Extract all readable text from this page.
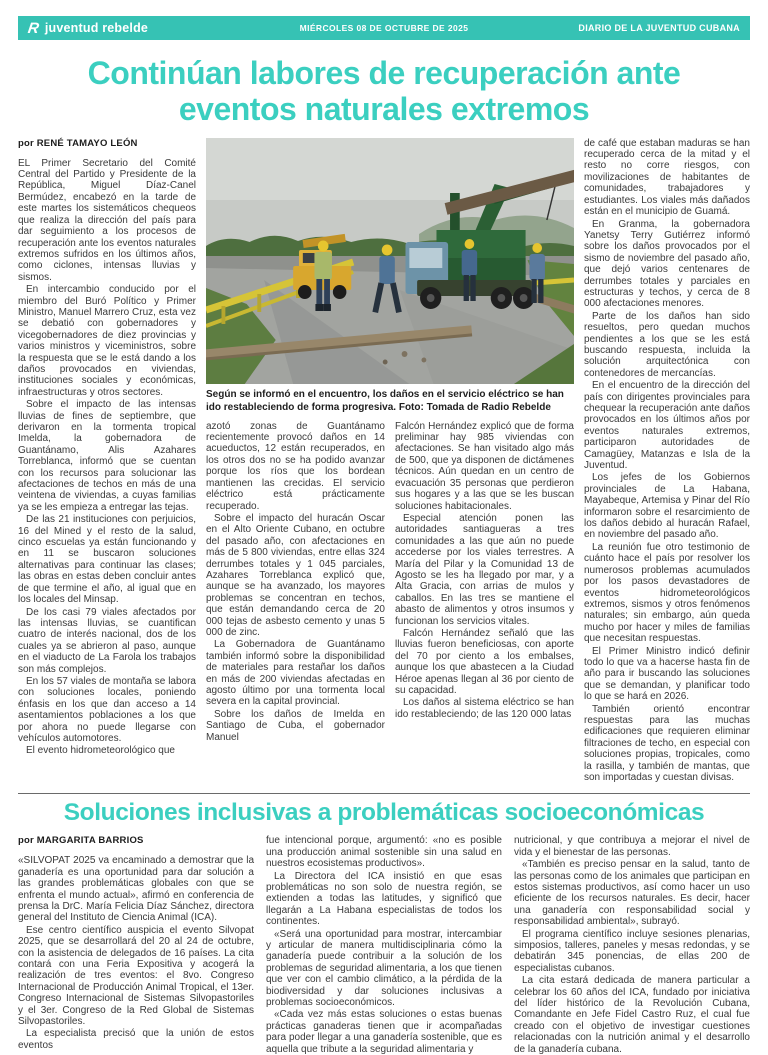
R juventud rebelde	MIÉRCOLES 08 DE OCTUBRE DE 2025	DIARIO DE LA JUVENTUD CUBANA
Continúan labores de recuperación ante eventos naturales extremos
por RENÉ TAMAYO LEÓN

EL Primer Secretario del Comité Central del Partido y Presidente de la República, Miguel Díaz-Canel Bermúdez, encabezó en la tarde de este martes los sistemáticos chequeos que realiza la dirección del país para dar seguimiento a los procesos de recuperación ante los eventos naturales extremos sufridos en los últimos años, como ciclones, intensas lluvias y sismos.

En intercambio conducido por el miembro del Buró Político y Primer Ministro, Manuel Marrero Cruz, esta vez se debatió con gobernadores y vicegobernadores de diez provincias y varios ministros y viceministros, sobre la respuesta que se le está dando a los daños provocados en viviendas, instituciones sociales y económicas, infraestructuras y otros sectores.

Sobre el impacto de las intensas lluvias de fines de septiembre, que derivaron en la tormenta tropical Imelda, la gobernadora de Guantánamo, Alis Azahares Torreblanca, informó que se cuentan con los recursos para solucionar las afectaciones de techos en más de una veintena de viviendas, a cuyas familias ya se les empieza a entregar las tejas.

De las 21 instituciones con perjuicios, 16 del Mined y el resto de la salud, cinco escuelas ya están funcionando y en 11 se buscaron soluciones alternativas para continuar las clases; las obras en estas deben concluir antes de que termine el año, al igual que en los locales del Minsap.

De los casi 79 viales afectados por las intensas lluvias, se cuantifican cuatro de interés nacional, dos de los cuales ya se abrieron al paso, aunque en el viaducto de La Farola los trabajos son más complejos.

En los 57 viales de montaña se labora con soluciones locales, poniendo énfasis en los que dan acceso a 14 asentamientos poblaciones a los que por ahora no puede llegarse con vehículos automotores.

El evento hidrometeorológico que

Según se informó en el encuentro, los daños en el servicio eléctrico se han ido restableciendo de forma progresiva. Foto: Tomada de Radio Rebelde

azotó zonas de Guantánamo recientemente provocó daños en 14 acueductos, 12 están recuperados, en los otros dos no se ha podido avanzar porque los ríos que los bordean mantienen las crecidas. El servicio eléctrico está prácticamente recuperado.

Sobre el impacto del huracán Oscar en el Alto Oriente Cubano, en octubre del pasado año, con afectaciones en más de 5 800 viviendas, entre ellas 324 derrumbes totales y 1 045 parciales, Azahares Torreblanca explicó que, aunque se ha avanzado, los mayores problemas se concentran en techos, que están demandando cerca de 20 000 tejas de asbesto cemento y unas 5 000 de zinc.

La Gobernadora de Guantánamo también informó sobre la disponibilidad de materiales para restañar los daños en más de 200 viviendas afectadas en agosto último por una tormenta local severa en la capital provincial.

Sobre los daños de Imelda en Santiago de Cuba, el gobernador Manuel

Falcón Hernández explicó que de forma preliminar hay 985 viviendas con afectaciones. Se han visitado algo más de 500, que ya disponen de dictámenes técnicos. Aún quedan en un centro de evacuación 35 personas que perdieron sus hogares y a las que se les buscan soluciones habitacionales.

Especial atención ponen las autoridades santiagueras a tres comunidades a las que aún no puede accederse por los viales terrestres. A María del Pilar y la Comunidad 13 de Agosto se les ha llegado por mar, y a Alta Gracia, con arrias de mulos y caballos. En las tres se mantiene el abasto de alimentos y otros insumos y funcionan los servicios vitales.

Falcón Hernández señaló que las lluvias fueron beneficiosas, con aporte del 70 por ciento a los embalses, aunque los que abastecen a la Ciudad Héroe apenas llegan al 36 por ciento de su capacidad.

Los daños al sistema eléctrico se han ido restableciendo; de las 120 000 latas

de café que estaban maduras se han recuperado cerca de la mitad y el resto no corre riesgos, con movilizaciones de habitantes de comunidades, trabajadores y estudiantes. Los viales más dañados están en el municipio de Guamá.

En Granma, la gobernadora Yanetsy Terry Gutiérrez informó sobre los daños provocados por el sismo de noviembre del pasado año, que dejó varios centenares de derrumbes totales y parciales en estructuras y techos, y cerca de 8 000 afectaciones menores.

Parte de los daños han sido resueltos, pero quedan muchos pendientes a los que se les está buscando respuesta, incluida la solución arquitectónica con contenedores de mercancías.

En el encuentro de la dirección del país con dirigentes provinciales para chequear la recuperación ante daños provocados en los últimos años por eventos naturales extremos, participaron autoridades de Camagüey, Matanzas e Isla de la Juventud.

Los jefes de los Gobiernos provinciales de La Habana, Mayabeque, Artemisa y Pinar del Río informaron sobre el resarcimiento de los daños debido al huracán Rafael, en noviembre del pasado año.

La reunión fue otro testimonio de cuánto hace el país por resolver los numerosos problemas acumulados por los pasos devastadores de eventos hidrometeorológicos extremos, sismos y otros fenómenos naturales; sin embargo, aún queda mucho por hacer y miles de familias que necesitan respuestas.

El Primer Ministro indicó definir todo lo que va a hacerse hasta fin de año para ir buscando las soluciones que se demandan, y planificar todo lo que se hará en 2026.

También orientó encontrar respuestas para las muchas edificaciones que requieren eliminar filtraciones de techo, en especial con soluciones propias, tropicales, como la rasilla, y también de mantas, que son importadas y cuestan divisas.

Soluciones inclusivas a problemáticas socioeconómicas
por MARGARITA BARRIOS

«SILVOPAT 2025 va encaminado a demostrar que la ganadería es una oportunidad para dar solución a las grandes problemáticas globales con que se enfrenta el mundo actual», afirmó en conferencia de prensa la DrC. María Felicia Díaz Sánchez, directora general del Instituto de Ciencia Animal (ICA).

Ese centro científico auspicia el evento Silvopat 2025, que se desarrollará del 20 al 24 de octubre, con la asistencia de delegados de 16 países. La cita contará con una Feria Expositiva y acogerá la realización de tres eventos: el 8vo. Congreso Internacional de Producción Animal Tropical, el 13er. Congreso Internacional de Sistemas Silvopastoriles y el 3er. Congreso de la Red Global de Sistemas Silvopastoriles.

La especialista precisó que la unión de estos eventos

fue intencional porque, argumentó: «no es posible una producción animal sostenible sin una salud en nuestros ecosistemas productivos».

La Directora del ICA insistió en que esas problemáticas no son solo de nuestra región, se extienden a todas las latitudes, y significó que llegarán a La Habana especialistas de todos los continentes.

«Será una oportunidad para mostrar, intercambiar y articular de manera multidisciplinaria cómo la ganadería puede contribuir a la solución de los problemas de seguridad alimentaria, a los que tienen que ver con el cambio climático, a la pérdida de la biodiversidad y dar soluciones inclusivas a problemas socioeconómicos.

«Cada vez más estas soluciones o estas buenas prácticas ganaderas tienen que ir acompañadas para poder llegar a una ganadería sostenible, que es aquella que tribute a la seguridad alimentaria y

nutricional, y que contribuya a mejorar el nivel de vida y el bienestar de las personas.

«También es preciso pensar en la salud, tanto de las personas como de los animales que participan en estos sistemas productivos, así como hacer un uso eficiente de los recursos naturales. Es decir, hacer una ganadería con responsabilidad social y responsabilidad ambiental», subrayó.

El programa científico incluye sesiones plenarias, simposios, talleres, paneles y mesas redondas, y se debatirán 345 ponencias, de ellas 200 de especialistas cubanos.

La cita estará dedicada de manera particular a celebrar los 60 años del ICA, fundado por iniciativa del líder histórico de la Revolución Cubana, Comandante en Jefe Fidel Castro Ruz, el cual fue creado con el objetivo de investigar cuestiones relacionadas con la nutrición animal y el desarrollo de la ganadería cubana.
